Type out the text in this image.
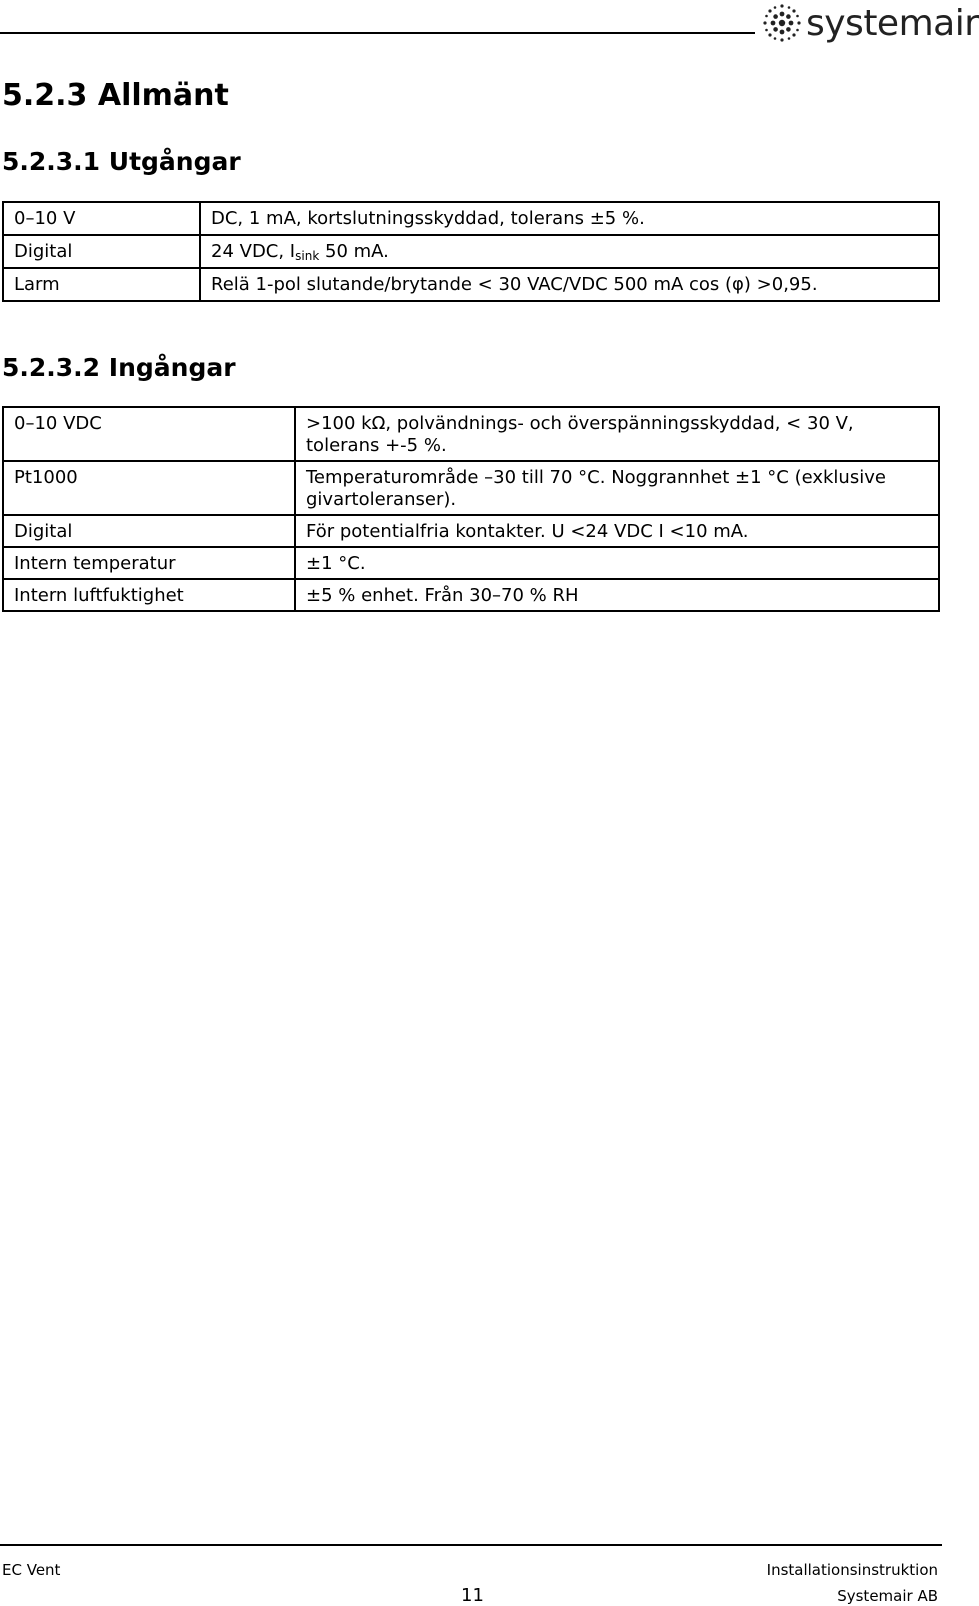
systemair
5.2.3 Allmänt
5.2.3.1 Utgångar
0–10 V	DC, 1 mA, kortslutningsskyddad, tolerans ±5 %.
Digital	24 VDC, $I_{sink}$ 50 mA.
Larm	Relä 1-pol slutande/brytande < 30 VAC/VDC 500 mA cos (φ) >0,95.
5.2.3.2 Ingångar
0–10 VDC	>100 kΩ, polvändnings- och överspänningsskyddad, < 30 V, tolerans +-5 %.
Pt1000	Temperaturområde –30 till 70 °C. Noggrannhet ±1 °C (exklusive givartoleranser).
Digital	För potentialfria kontakter. U <24 VDC I <10 mA.
Intern temperatur	±1 °C.
Intern luftfuktighet	±5 % enhet. Från 30–70 % RH
EC Vent	Installationsinstruktion
11	Systemair AB
